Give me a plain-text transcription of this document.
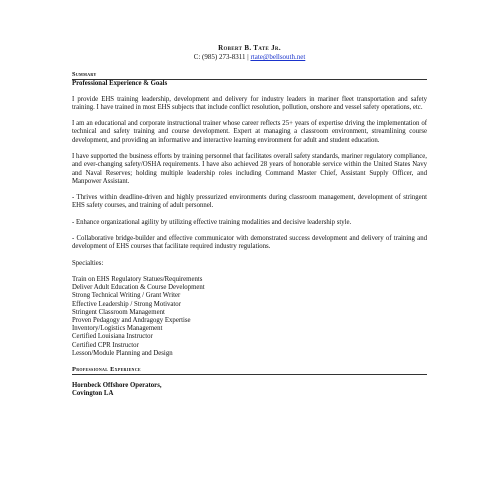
Robert B. Tate Jr.
C: (985) 273-8311 | rtate@bellsouth.net
Summary
Professional Experience & Goals

I provide EHS training leadership, development and delivery for industry leaders in mariner fleet transportation and safety training. I have trained in most EHS subjects that include conflict resolution, pollution, onshore and vessel safety operations, etc.

I am an educational and corporate instructional trainer whose career reflects 25+ years of expertise driving the implementation of technical and safety training and course development. Expert at managing a classroom environment, streamlining course development, and providing an informative and interactive learning environment for adult and student education.

I have supported the business efforts by training personnel that facilitates overall safety standards, mariner regulatory compliance, and ever-changing safety/OSHA requirements. I have also achieved 28 years of honorable service within the United States Navy and Naval Reserves; holding multiple leadership roles including Command Master Chief, Assistant Supply Officer, and Manpower Assistant.

- Thrives within deadline-driven and highly pressurized environments during classroom management, development of stringent EHS safety courses, and training of adult personnel.

- Enhance organizational agility by utilizing effective training modalities and decisive leadership style.

- Collaborative bridge-builder and effective communicator with demonstrated success development and delivery of training and development of EHS courses that facilitate required industry regulations.

Specialties:

Train on EHS Regulatory Statues/Requirements
Deliver Adult Education & Course Development
Strong Technical Writing / Grant Writer
Effective Leadership / Strong Motivator
Stringent Classroom Management
Proven Pedagogy and Andragogy Expertise
Inventory/Logistics Management
Certified Louisiana Instructor
Certified CPR Instructor
Lesson/Module Planning and Design
Professional Experience
Hornbeck Offshore Operators,
Covington LA
